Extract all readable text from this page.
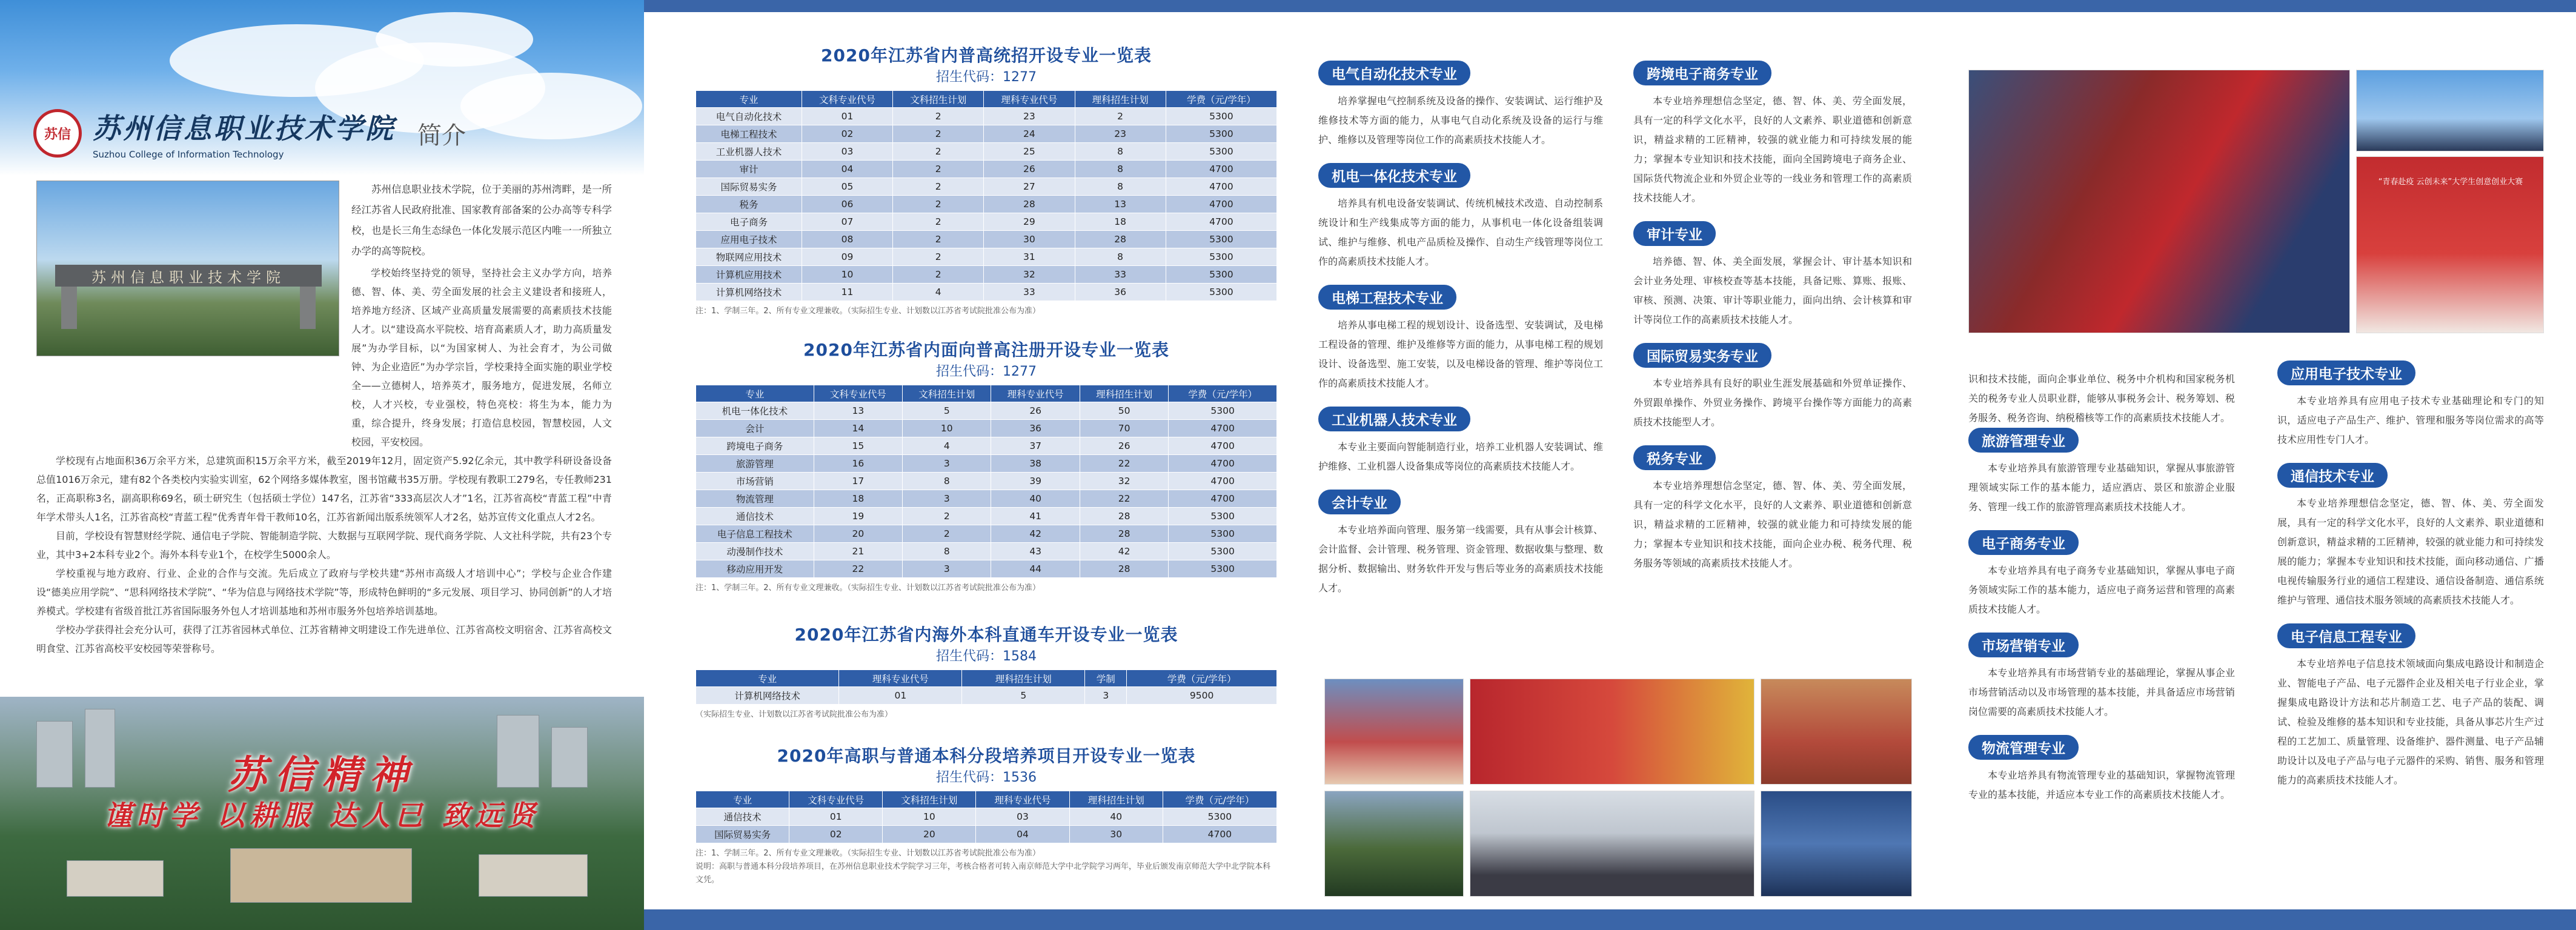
苏信 苏州信息职业技术学院
Suzhou College of Information Technology
简介
苏州信息职业技术学院

苏州信息职业技术学院，位于美丽的苏州湾畔，是一所经江苏省人民政府批准、国家教育部备案的公办高等专科学校，也是长三角生态绿色一体化发展示范区内唯一一所独立办学的高等院校。

学校始终坚持党的领导，坚持社会主义办学方向，培养德、智、体、美、劳全面发展的社会主义建设者和接班人，培养地方经济、区域产业高质量发展需要的高素质技术技能人才。以“建设高水平院校、培育高素质人才，助力高质量发展”为办学目标，以“为国家树人、为社会育才，为公司做钟、为企业造匠”为办学宗旨，学校秉持全面实施的职业学校全——立德树人，培养英才，服务地方，促进发展，名师立校，人才兴校，专业强校，特色亮校：将生为本，能力为重，综合提升，终身发展；打造信息校园，智慧校园，人文校园，平安校园。

学校现有占地面积36万余平方米，总建筑面积15万余平方米，截至2019年12月，固定资产5.92亿余元，其中教学科研设备设备总值1016万余元，建有82个各类校内实验实训室，62个网络多媒体教室，图书馆藏书35万册。学校现有教职工279名，专任教师231名，正高职称3名，副高职称69名，硕士研究生（包括硕士学位）147名，江苏省“333高层次人才”1名，江苏省高校“青蓝工程”中青年学术带头人1名，江苏省高校“青蓝工程”优秀青年骨干教师10名，江苏省新闻出版系统领军人才2名，姑苏宣传文化重点人才2名。

目前，学校设有智慧财经学院、通信电子学院、智能制造学院、大数据与互联网学院、现代商务学院、人文社科学院，共有23个专业，其中3+2本科专业2个。海外本科专业1个，在校学生5000余人。

学校重视与地方政府、行业、企业的合作与交流。先后成立了政府与学校共建“苏州市高级人才培训中心”；学校与企业合作建设“德美应用学院”、“思科网络技术学院”、“华为信息与网络技术学院”等，形成特色鲜明的“多元发展、项目学习、协同创新”的人才培养模式。学校建有省级首批江苏省国际服务外包人才培训基地和苏州市服务外包培养培训基地。

学校办学获得社会充分认可，获得了江苏省园林式单位、江苏省精神文明建设工作先进单位、江苏省高校文明宿舍、江苏省高校文明食堂、江苏省高校平安校园等荣誉称号。

苏信精神
谨时学 以耕服 达人已 致远贤
2020年江苏省内普高统招开设专业一览表
招生代码：1277
专业	文科专业代号	文科招生计划	理科专业代号	理科招生计划	学费（元/学年）
电气自动化技术	01	2	23	2	5300
电梯工程技术	02	2	24	23	5300
工业机器人技术	03	2	25	8	5300
审计	04	2	26	8	4700
国际贸易实务	05	2	27	8	4700
税务	06	2	28	13	4700
电子商务	07	2	29	18	4700
应用电子技术	08	2	30	28	5300
物联网应用技术	09	2	31	8	5300
计算机应用技术	10	2	32	33	5300
计算机网络技术	11	4	33	36	5300
注：1、学制三年。2、所有专业文理兼收。（实际招生专业、计划数以江苏省考试院批准公布为准）
2020年江苏省内面向普高注册开设专业一览表
招生代码：1277
专业	文科专业代号	文科招生计划	理科专业代号	理科招生计划	学费（元/学年）
机电一体化技术	13	5	26	50	5300
会计	14	10	36	70	4700
跨境电子商务	15	4	37	26	4700
旅游管理	16	3	38	22	4700
市场营销	17	8	39	32	4700
物流管理	18	3	40	22	4700
通信技术	19	2	41	28	5300
电子信息工程技术	20	2	42	28	5300
动漫制作技术	21	8	43	42	5300
移动应用开发	22	3	44	28	5300
注：1、学制三年。2、所有专业文理兼收。（实际招生专业、计划数以江苏省考试院批准公布为准）
2020年江苏省内海外本科直通车开设专业一览表
招生代码：1584
专业	理科专业代号	理科招生计划	学制	学费（元/学年）
计算机网络技术	01	5	3	9500
（实际招生专业、计划数以江苏省考试院批准公布为准）
2020年高职与普通本科分段培养项目开设专业一览表
招生代码：1536
专业	文科专业代号	文科招生计划	理科专业代号	理科招生计划	学费（元/学年）
通信技术	01	10	03	40	5300
国际贸易实务	02	20	04	30	4700
注：1、学制三年。2、所有专业文理兼收。（实际招生专业、计划数以江苏省考试院批准公布为准）
说明：高职与普通本科分段培养项目，在苏州信息职业技术学院学习三年，考核合格者可转入南京师范大学中北学院学习两年，毕业后颁发南京师范大学中北学院本科文凭。
电气自动化技术专业
培养掌握电气控制系统及设备的操作、安装调试、运行维护及维修技术等方面的能力，从事电气自动化系统及设备的运行与维护、维修以及管理等岗位工作的高素质技术技能人才。
机电一体化技术专业
培养具有机电设备安装调试、传统机械技术改造、自动控制系统设计和生产线集成等方面的能力，从事机电一体化设备组装调试、维护与维修、机电产品质检及操作、自动生产线管理等岗位工作的高素质技术技能人才。
电梯工程技术专业
培养从事电梯工程的规划设计、设备选型、安装调试，及电梯工程设备的管理、维护及维修等方面的能力，从事电梯工程的规划设计、设备选型、施工安装，以及电梯设备的管理、维护等岗位工作的高素质技术技能人才。
工业机器人技术专业
本专业主要面向智能制造行业，培养工业机器人安装调试、维护维修、工业机器人设备集成等岗位的高素质技术技能人才。
会计专业
本专业培养面向管理、服务第一线需要，具有从事会计核算、会计监督、会计管理、税务管理、资金管理、数据收集与整理、数据分析、数据输出、财务软件开发与售后等业务的高素质技术技能人才。
跨境电子商务专业
本专业培养理想信念坚定，德、智、体、美、劳全面发展，具有一定的科学文化水平，良好的人文素养、职业道德和创新意识，精益求精的工匠精神，较强的就业能力和可持续发展的能力；掌握本专业知识和技术技能，面向全国跨境电子商务企业、国际货代物流企业和外贸企业等的一线业务和管理工作的高素质技术技能人才。
审计专业
培养德、智、体、美全面发展，掌握会计、审计基本知识和会计业务处理、审核校查等基本技能，具备记账、算账、报账、审核、预测、决策、审计等职业能力，面向出纳、会计核算和审计等岗位工作的高素质技术技能人才。
国际贸易实务专业
本专业培养具有良好的职业生涯发展基础和外贸单证操作、外贸跟单操作、外贸业务操作、跨境平台操作等方面能力的高素质技术技能型人才。
税务专业
本专业培养理想信念坚定，德、智、体、美、劳全面发展，具有一定的科学文化水平，良好的人文素养、职业道德和创新意识，精益求精的工匠精神，较强的就业能力和可持续发展的能力；掌握本专业知识和技术技能，面向企业办税、税务代理、税务服务等领域的高素质技术技能人才。
“青春赴疫 云创未来”大学生创意创业大赛
识和技术技能，面向企事业单位、税务中介机构和国家税务机关的税务专业人员职业群，能够从事税务会计、税务筹划、税务服务、税务咨询、纳税稽核等工作的高素质技术技能人才。
旅游管理专业
本专业培养具有旅游管理专业基础知识，掌握从事旅游管理领域实际工作的基本能力，适应酒店、景区和旅游企业服务、管理一线工作的旅游管理高素质技术技能人才。
电子商务专业
本专业培养具有电子商务专业基础知识，掌握从事电子商务领域实际工作的基本能力，适应电子商务运营和管理的高素质技术技能人才。
市场营销专业
本专业培养具有市场营销专业的基础理论，掌握从事企业市场营销活动以及市场管理的基本技能，并具备适应市场营销岗位需要的高素质技术技能人才。
物流管理专业
本专业培养具有物流管理专业的基础知识，掌握物流管理专业的基本技能，并适应本专业工作的高素质技术技能人才。
应用电子技术专业
本专业培养具有应用电子技术专业基础理论和专门的知识，适应电子产品生产、维护、管理和服务等岗位需求的高等技术应用性专门人才。
通信技术专业
本专业培养理想信念坚定，德、智、体、美、劳全面发展，具有一定的科学文化水平，良好的人文素养、职业道德和创新意识，精益求精的工匠精神，较强的就业能力和可持续发展的能力；掌握本专业知识和技术技能，面向移动通信、广播电视传输服务行业的通信工程建设、通信设备制造、通信系统维护与管理、通信技术服务领域的高素质技术技能人才。
电子信息工程专业
本专业培养电子信息技术领域面向集成电路设计和制造企业、智能电子产品、电子元器件企业及相关电子行业企业，掌握集成电路设计方法和芯片制造工艺、电子产品的装配、调试、检验及维修的基本知识和专业技能，具备从事芯片生产过程的工艺加工、质量管理、设备维护、器件测量、电子产品辅助设计以及电子产品与电子元器件的采购、销售、服务和管理能力的高素质技术技能人才。
